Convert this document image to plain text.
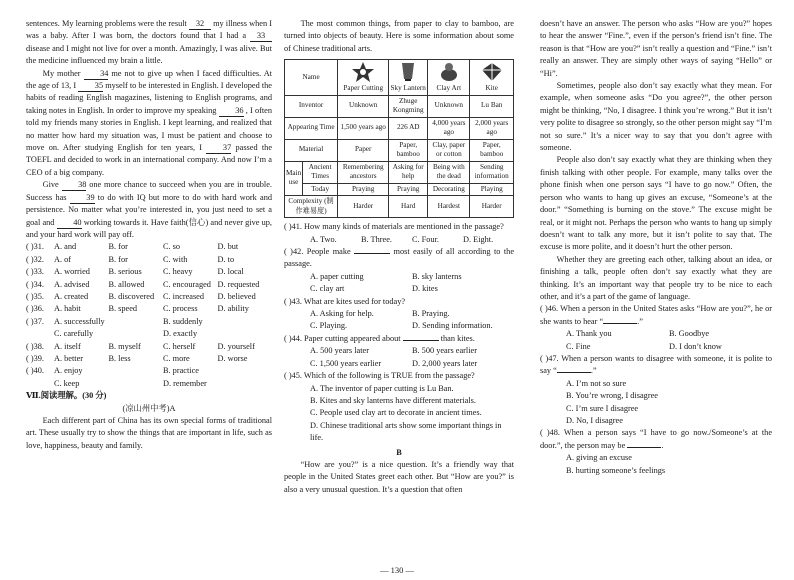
sentences. My learning problems were the result 32 my illness when I was a baby. After I was born, the doctors found that I had a 33 disease and I might not live for over a month. Amazingly, I was alive. But the medicine influenced my brain a little.

My mother 34 me not to give up when I faced difficulties. At the age of 13, I 35 myself to be interested in English. I developed the habits of reading English magazines, listening to English programs, and taking notes in English. In order to improve my speaking 36 , I often told my friends many stories in English. I kept learning, and realized that no matter how hard my situation was, I must be patient and choose to move on. After studying English for ten years, I 37 passed the TOEFL and decided to work in an international company. And now I’m a CEO of a big company.

Give 38 one more chance to succeed when you are in trouble. Success has 39 to do with IQ but more to do with hard work and persistence. No matter what you’re interested in, you just need to set a goal and 40 working towards it. Have faith(信心) and never give up, and your hard work will pay off.

( )31.	A. and	B. for	C. so	D. but
( )32.	A. of	B. for	C. with	D. to
( )33.	A. worried	B. serious	C. heavy	D. local
( )34.	A. advised	B. allowed	C. encouraged D. requested
( )35.	A. created	B. discovered	C. increased	D. believed
( )36.	A. habit	B. speed	C. process	D. ability
( )37.	A. successfully	B. suddenly
C. carefully	D. exactly
( )38.	A. itself	B. myself	C. herself	D. yourself
( )39.	A. better	B. less	C. more	D. worse
( )40.	A. enjoy	B. practice
C. keep	D. remember

Ⅶ.阅读理解。(30 分)

(凉山州中考)A

Each different part of China has its own special forms of traditional art. These usually try to show the things that are important in life, such as love, happiness, beauty and family.

The most common things, from paper to clay to bamboo, are turned into objects of beauty. Here is some information about some of Chinese traditional arts.

Name		Paper Cutting	Sky Lantern	Clay Art	Kite
Inventor		Unknown	Zhuge Kongming	Unknown	Lu Ban
Appearing Time		1,500 years ago	226 AD	4,000 years ago	2,000 years ago
Material		Paper	Paper, bamboo	Clay, paper or cotton	Paper, bamboo
Main use	Ancient Times	Remembering ancestors	Asking for help	Being with the dead	Sending information
	Today	Praying	Praying	Decorating	Playing
Complexity (制作难易度)		Harder	Hard	Hardest	Harder

( )41. How many kinds of materials are mentioned in the passage?

A. Two.	B. Three.	C. Four.	D. Eight.

( )42. People make	most easily of all according to the passage.

A. paper cutting	B. sky lanterns
C. clay art	D. kites

( )43. What are kites used for today?

A. Asking for help.	B. Praying.
C. Playing.	D. Sending information.

( )44. Paper cutting appeared about	than kites.

A. 500 years later	B. 500 years earlier
C. 1,500 years earlier	D. 2,000 years later

( )45. Which of the following is TRUE from the passage?

A. The inventor of paper cutting is Lu Ban.
B. Kites and sky lanterns have different materials.
C. People used clay art to decorate in ancient times.
D. Chinese traditional arts show some important things in life.

B

“How are you?” is a nice question. It’s a friendly way that people in the United States greet each other. But “How are you?” is also a very unusual question. It’s a question that often

doesn’t have an answer. The person who asks “How are you?” hopes to hear the answer “Fine.”, even if the person’s friend isn’t fine. The reason is that “How are you?” isn’t really a question and “Fine.” isn’t really an answer. They are simply other ways of saying “Hello” or “Hi”.

Sometimes, people also don’t say exactly what they mean. For example, when someone asks “Do you agree?”, the other person might be thinking, “No, I disagree. I think you’re wrong.” But it isn’t very polite to disagree so strongly, so the other person might say “I’m not so sure.” It’s a nicer way to say that you don’t agree with someone.

People also don’t say exactly what they are thinking when they finish talking with other people. For example, many talks over the phone finish when one person says “I have to go now.” Often, the person who wants to hang up gives an excuse, “Someone’s at the door.” “Something is burning on the stove.” The excuse might be real, or it might not. Perhaps the person who wants to hang up simply doesn’t want to talk any more, but it isn’t polite to say that. The excuse is more polite, and it doesn’t hurt the other person.

Whether they are greeting each other, talking about an idea, or finishing a talk, people often don’t say exactly what they are thinking. It’s an important way that people try to be nice to each other, and it’s a part of the game of language.

( )46. When a person in the United States asks “How are you?”, he or she wants to hear “	.”

A. Thank you	B. Goodbye
C. Fine	D. I don’t know

( )47. When a person wants to disagree with someone, it is polite to say “	.”

A. I’m not so sure
B. You’re wrong, I disagree
C. I’m sure I disagree
D. No, I disagree

( )48. When a person says “I have to go now./Someone’s at the door.”, the person may be	.

A. giving an excuse
B. hurting someone’s feelings
— 130 —
